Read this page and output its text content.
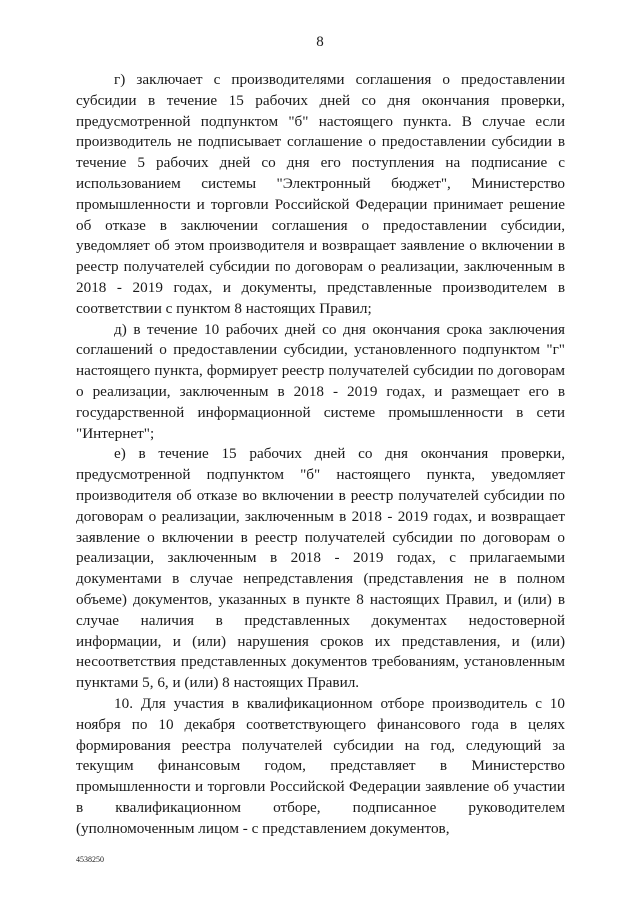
8

г) заключает с производителями соглашения о предоставлении субсидии в течение 15 рабочих дней со дня окончания проверки, предусмотренной подпунктом "б" настоящего пункта. В случае если производитель не подписывает соглашение о предоставлении субсидии в течение 5 рабочих дней со дня его поступления на подписание с использованием системы "Электронный бюджет", Министерство промышленности и торговли Российской Федерации принимает решение об отказе в заключении соглашения о предоставлении субсидии, уведомляет об этом производителя и возвращает заявление о включении в реестр получателей субсидии по договорам о реализации, заключенным в 2018 - 2019 годах, и документы, представленные производителем в соответствии с пунктом 8 настоящих Правил;

д) в течение 10 рабочих дней со дня окончания срока заключения соглашений о предоставлении субсидии, установленного подпунктом "г" настоящего пункта, формирует реестр получателей субсидии по договорам о реализации, заключенным в 2018 - 2019 годах, и размещает его в государственной информационной системе промышленности в сети "Интернет";

е) в течение 15 рабочих дней со дня окончания проверки, предусмотренной подпунктом "б" настоящего пункта, уведомляет производителя об отказе во включении в реестр получателей субсидии по договорам о реализации, заключенным в 2018 - 2019 годах, и возвращает заявление о включении в реестр получателей субсидии по договорам о реализации, заключенным в 2018 - 2019 годах, с прилагаемыми документами в случае непредставления (представления не в полном объеме) документов, указанных в пункте 8 настоящих Правил, и (или) в случае наличия в представленных документах недостоверной информации, и (или) нарушения сроков их представления, и (или) несоответствия представленных документов требованиям, установленным пунктами 5, 6, и (или) 8 настоящих Правил.

10. Для участия в квалификационном отборе производитель с 10 ноября по 10 декабря соответствующего финансового года в целях формирования реестра получателей субсидии на год, следующий за текущим финансовым годом, представляет в Министерство промышленности и торговли Российской Федерации заявление об участии в квалификационном отборе, подписанное руководителем (уполномоченным лицом - с представлением документов,

4538250
